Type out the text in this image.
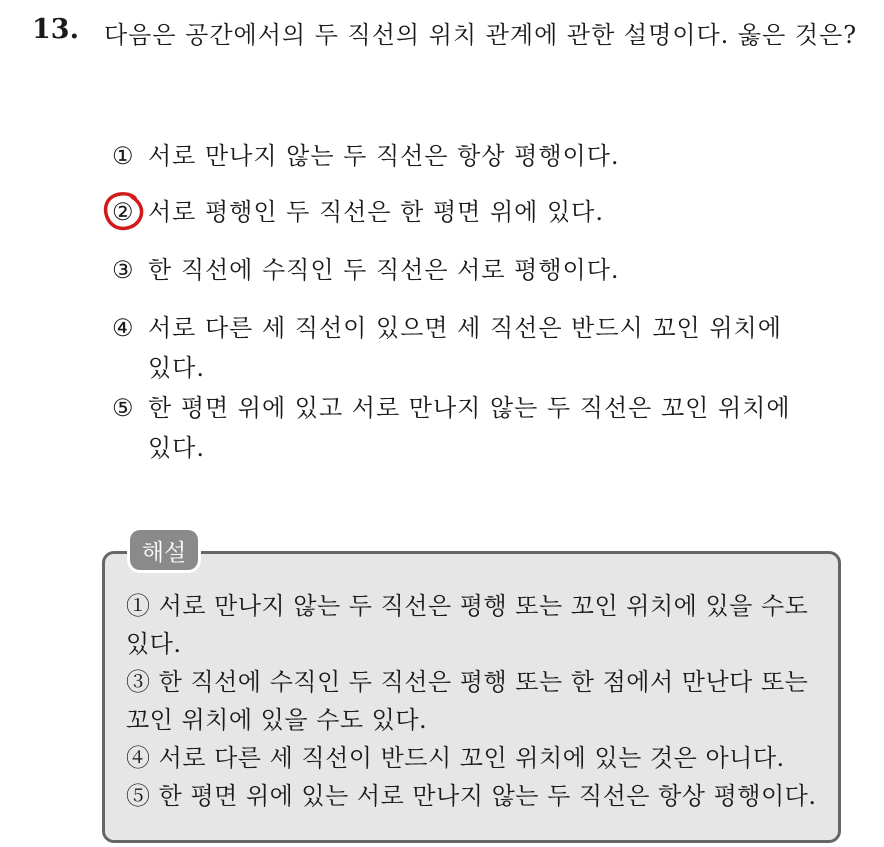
13. 다음은 공간에서의 두 직선의 위치 관계에 관한 설명이다. 옳은 것은?
① 서로 만나지 않는 두 직선은 항상 평행이다.
② 서로 평행인 두 직선은 한 평면 위에 있다.
③ 한 직선에 수직인 두 직선은 서로 평행이다.
④ 서로 다른 세 직선이 있으면 세 직선은 반드시 꼬인 위치에
있다.
⑤ 한 평면 위에 있고 서로 만나지 않는 두 직선은 꼬인 위치에
있다.
해설
① 서로 만나지 않는 두 직선은 평행 또는 꼬인 위치에 있을 수도
있다.
③ 한 직선에 수직인 두 직선은 평행 또는 한 점에서 만난다 또는
꼬인 위치에 있을 수도 있다.
④ 서로 다른 세 직선이 반드시 꼬인 위치에 있는 것은 아니다.
⑤ 한 평면 위에 있는 서로 만나지 않는 두 직선은 항상 평행이다.
